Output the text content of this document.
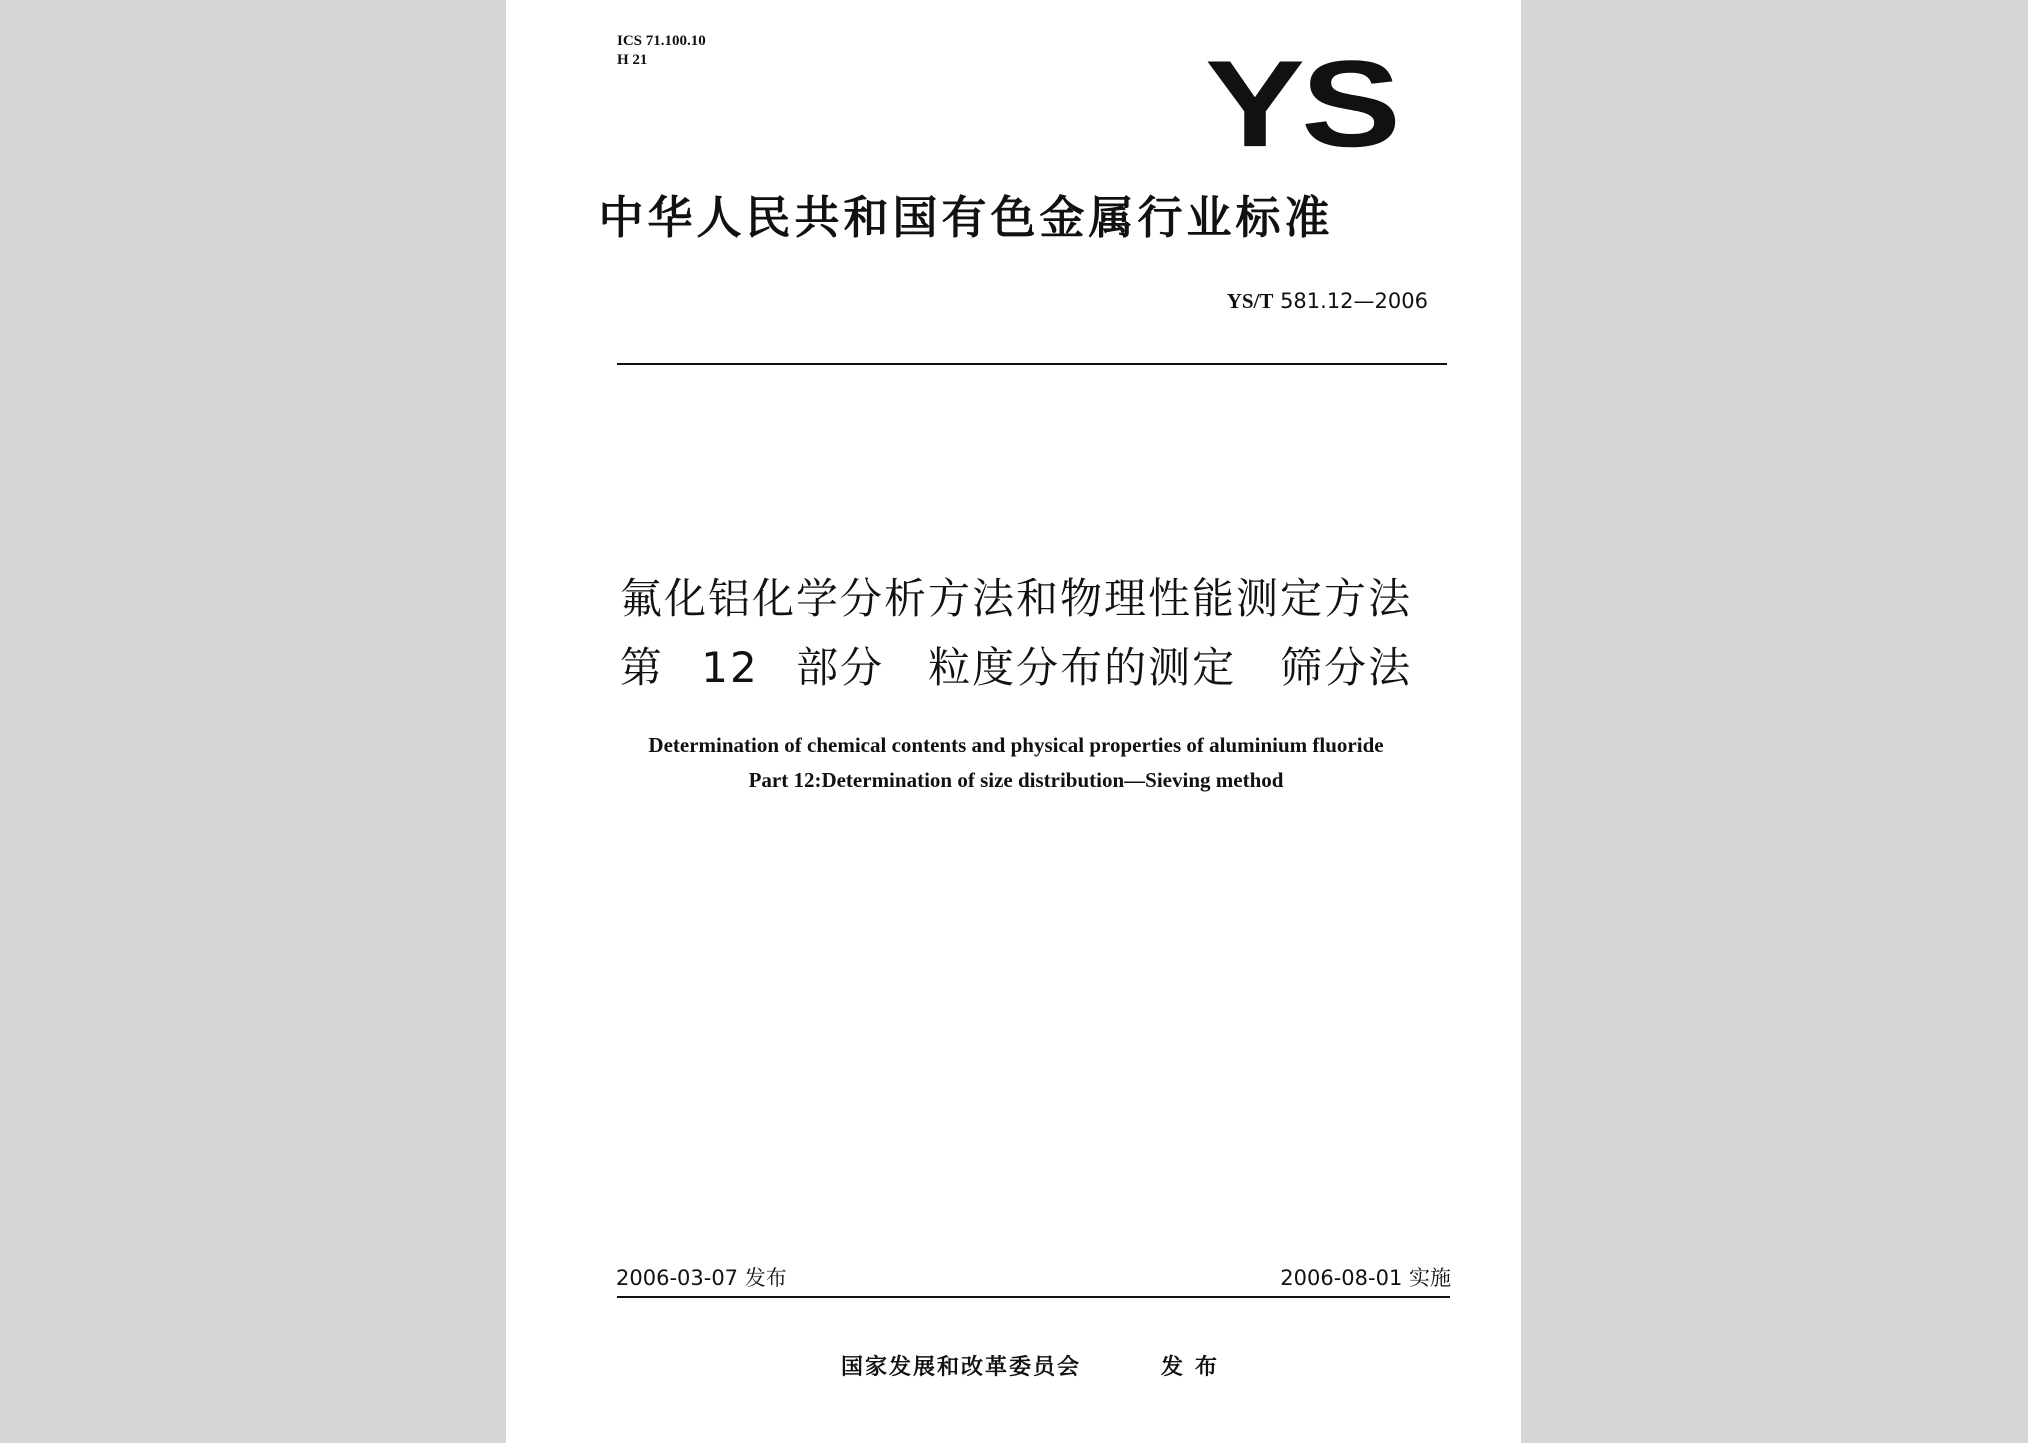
ICS 71.100.10
H 21	YS
中华人民共和国有色金属行业标准
YS/T 581.12—2006
氟化铝化学分析方法和物理性能测定方法
第 12 部分　粒度分布的测定　筛分法
Determination of chemical contents and physical properties of aluminium fluoride
Part 12:Determination of size distribution—Sieving method
2006-03-07 发布	2006-08-01 实施
国家发展和改革委员会	发布
